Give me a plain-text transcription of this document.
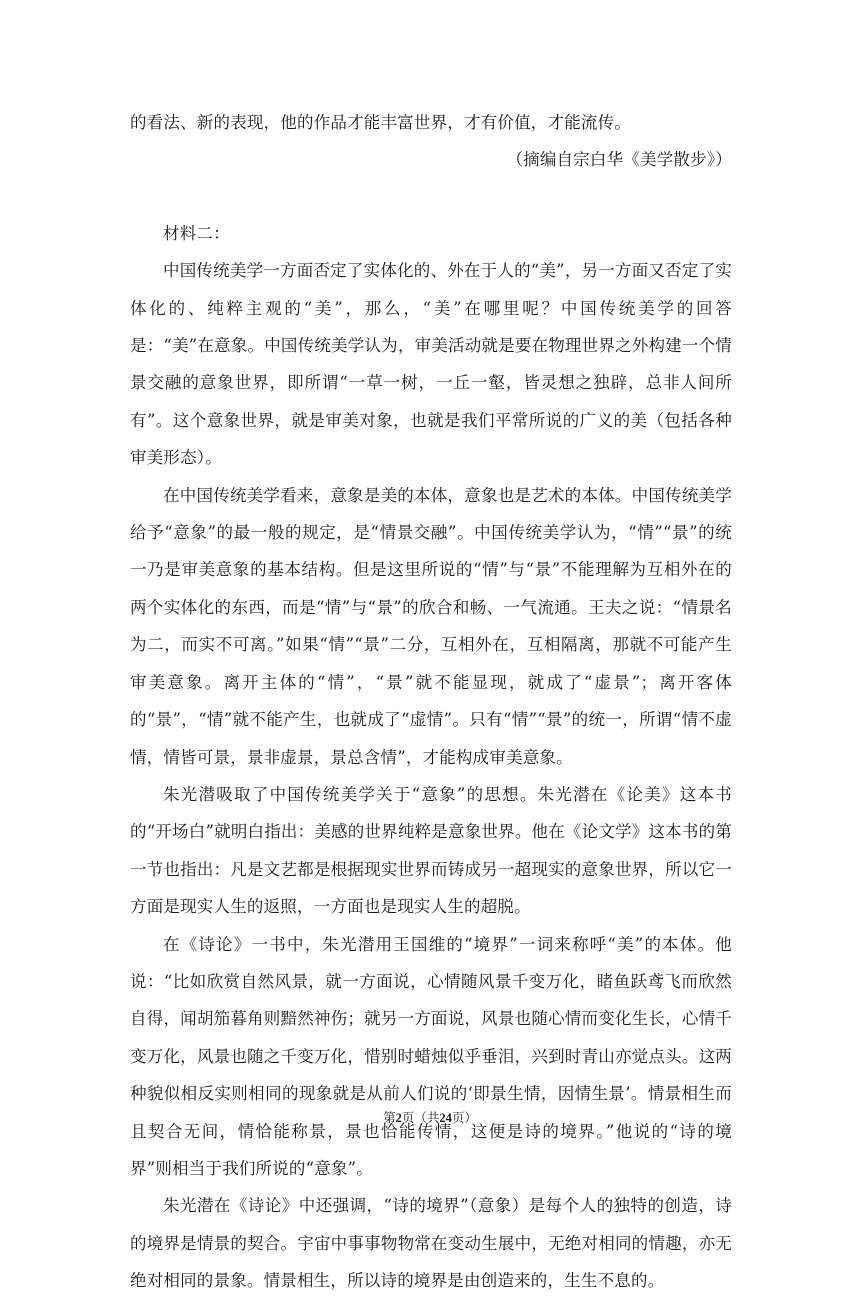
的看法、新的表现，他的作品才能丰富世界，才有价值，才能流传。

（摘编自宗白华《美学散步》）

材料二：

中国传统美学一方面否定了实体化的、外在于人的“美”，另一方面又否定了实体化的、纯粹主观的“美”，那么，“美”在哪里呢？中国传统美学的回答是：“美”在意象。中国传统美学认为，审美活动就是要在物理世界之外构建一个情景交融的意象世界，即所谓“一草一树，一丘一壑，皆灵想之独辟，总非人间所有”。这个意象世界，就是审美对象，也就是我们平常所说的广义的美（包括各种审美形态）。

在中国传统美学看来，意象是美的本体，意象也是艺术的本体。中国传统美学给予“意象”的最一般的规定，是“情景交融”。中国传统美学认为，“情”“景”的统一乃是审美意象的基本结构。但是这里所说的“情”与“景”不能理解为互相外在的两个实体化的东西，而是“情”与“景”的欣合和畅、一气流通。王夫之说：“情景名为二，而实不可离。”如果“情”“景”二分，互相外在，互相隔离，那就不可能产生审美意象。离开主体的“情”，“景”就不能显现，就成了“虚景”；离开客体的“景”，“情”就不能产生，也就成了“虚情”。只有“情”“景”的统一，所谓“情不虚情，情皆可景，景非虚景，景总含情”，才能构成审美意象。

朱光潜吸取了中国传统美学关于“意象”的思想。朱光潜在《论美》这本书的“开场白”就明白指出：美感的世界纯粹是意象世界。他在《论文学》这本书的第一节也指出：凡是文艺都是根据现实世界而铸成另一超现实的意象世界，所以它一方面是现实人生的返照，一方面也是现实人生的超脱。

在《诗论》一书中，朱光潜用王国维的“境界”一词来称呼“美”的本体。他说：“比如欣赏自然风景，就一方面说，心情随风景千变万化，睹鱼跃鸢飞而欣然自得，闻胡笳暮角则黯然神伤；就另一方面说，风景也随心情而变化生长，心情千变万化，风景也随之千变万化，惜别时蜡烛似乎垂泪，兴到时青山亦觉点头。这两种貌似相反实则相同的现象就是从前人们说的‘即景生情，因情生景’。情景相生而且契合无间，情恰能称景，景也恰能传情，这便是诗的境界。”他说的“诗的境界”则相当于我们所说的“意象”。

朱光潜在《诗论》中还强调，“诗的境界”（意象）是每个人的独特的创造，诗的境界是情景的契合。宇宙中事事物物常在变动生展中，无绝对相同的情趣，亦无绝对相同的景象。情景相生，所以诗的境界是由创造来的，生生不息的。

第2页（共24页）
